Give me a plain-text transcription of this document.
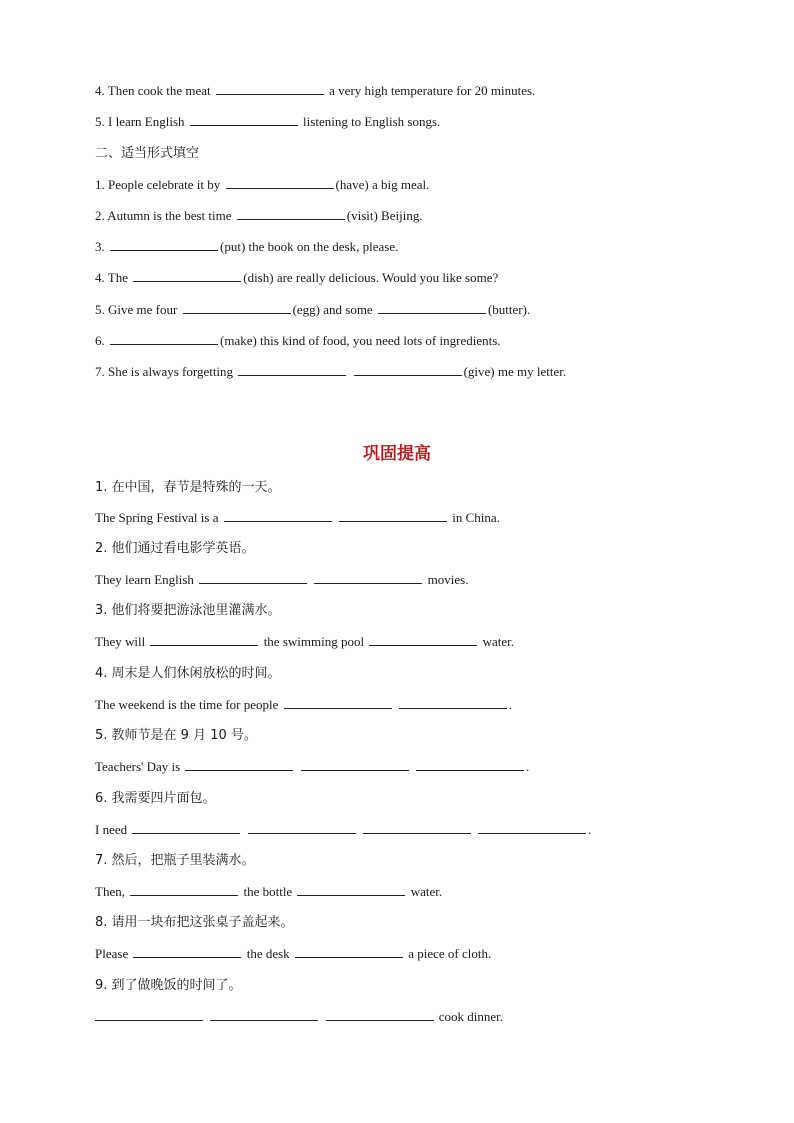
4. Then cook the meat	a very high temperature for 20 minutes.
5. I learn English	listening to English songs.
二、适当形式填空
1. People celebrate it by	(have) a big meal.
2. Autumn is the best time	(visit) Beijing.
3.	(put) the book on the desk, please.
4. The	(dish) are really delicious. Would you like some?
5. Give me four	(egg) and some	(butter).
6.	(make) this kind of food, you need lots of ingredients.
7. She is always forgetting	(give) me my letter.
巩固提高
1. 在中国，春节是特殊的一天。
The Spring Festival is a	in China.
2. 他们通过看电影学英语。
They learn English	movies.
3. 他们将要把游泳池里灌满水。
They will	the swimming pool	water.
4. 周末是人们休闲放松的时间。
The weekend is the time for people	.
5. 教师节是在 9 月 10 号。
Teachers' Day is	.
6. 我需要四片面包。
I need	.
7. 然后，把瓶子里装满水。
Then,	the bottle	water.
8. 请用一块布把这张桌子盖起来。
Please	the desk	a piece of cloth.
9. 到了做晚饭的时间了。
cook dinner.
